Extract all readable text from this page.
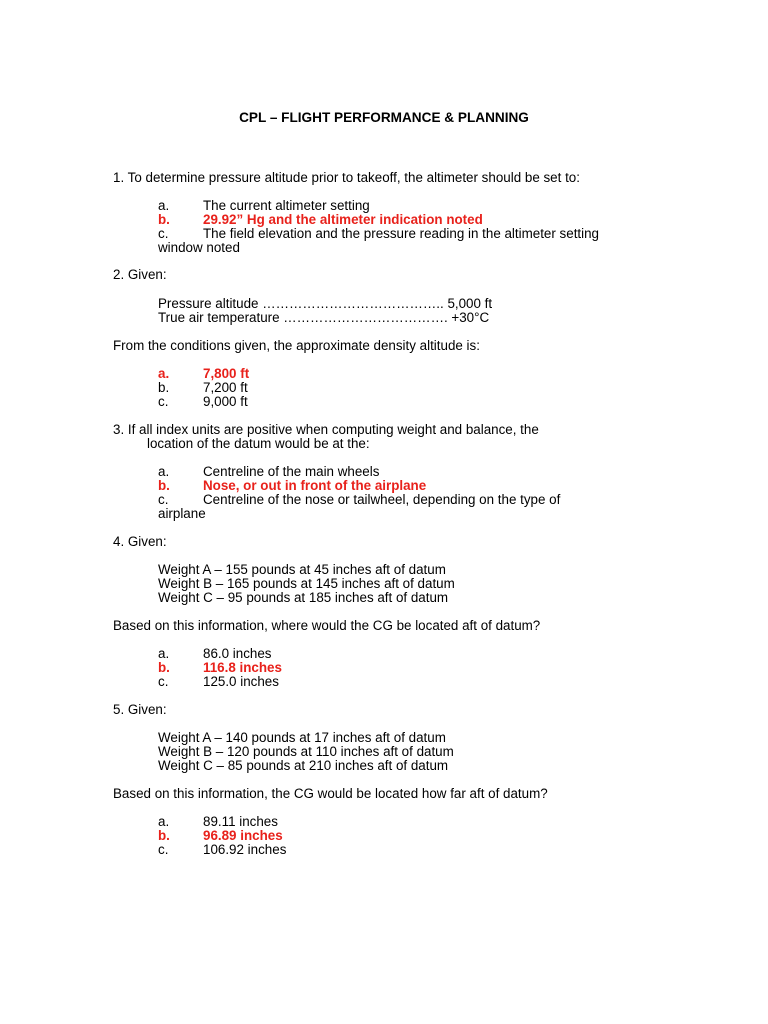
CPL – FLIGHT PERFORMANCE & PLANNING
1. To determine pressure altitude prior to takeoff, the altimeter should be set to:
a.	The current altimeter setting
b. 29.92” Hg and the altimeter indication noted
c.	The field elevation and the pressure reading in the altimeter setting
window noted
2. Given:
Pressure altitude ………………………………….. 5,000 ft
True air temperature ………………………………. +30°C
From the conditions given, the approximate density altitude is:
a.	7,800 ft
b.	7,200 ft
c.	9,000 ft
3. If all index units are positive when computing weight and balance, the
location of the datum would be at the:
a.	Centreline of the main wheels
b. Nose, or out in front of the airplane
c.	Centreline of the nose or tailwheel, depending on the type of
airplane
4. Given:
Weight A – 155 pounds at 45 inches aft of datum
Weight B – 165 pounds at 145 inches aft of datum
Weight C – 95 pounds at 185 inches aft of datum
Based on this information, where would the CG be located aft of datum?
a.	86.0 inches
b. 116.8 inches
c.	125.0 inches
5. Given:
Weight A – 140 pounds at 17 inches aft of datum
Weight B – 120 pounds at 110 inches aft of datum
Weight C – 85 pounds at 210 inches aft of datum
Based on this information, the CG would be located how far aft of datum?
a.	89.11 inches
b. 96.89 inches
c.	106.92 inches
